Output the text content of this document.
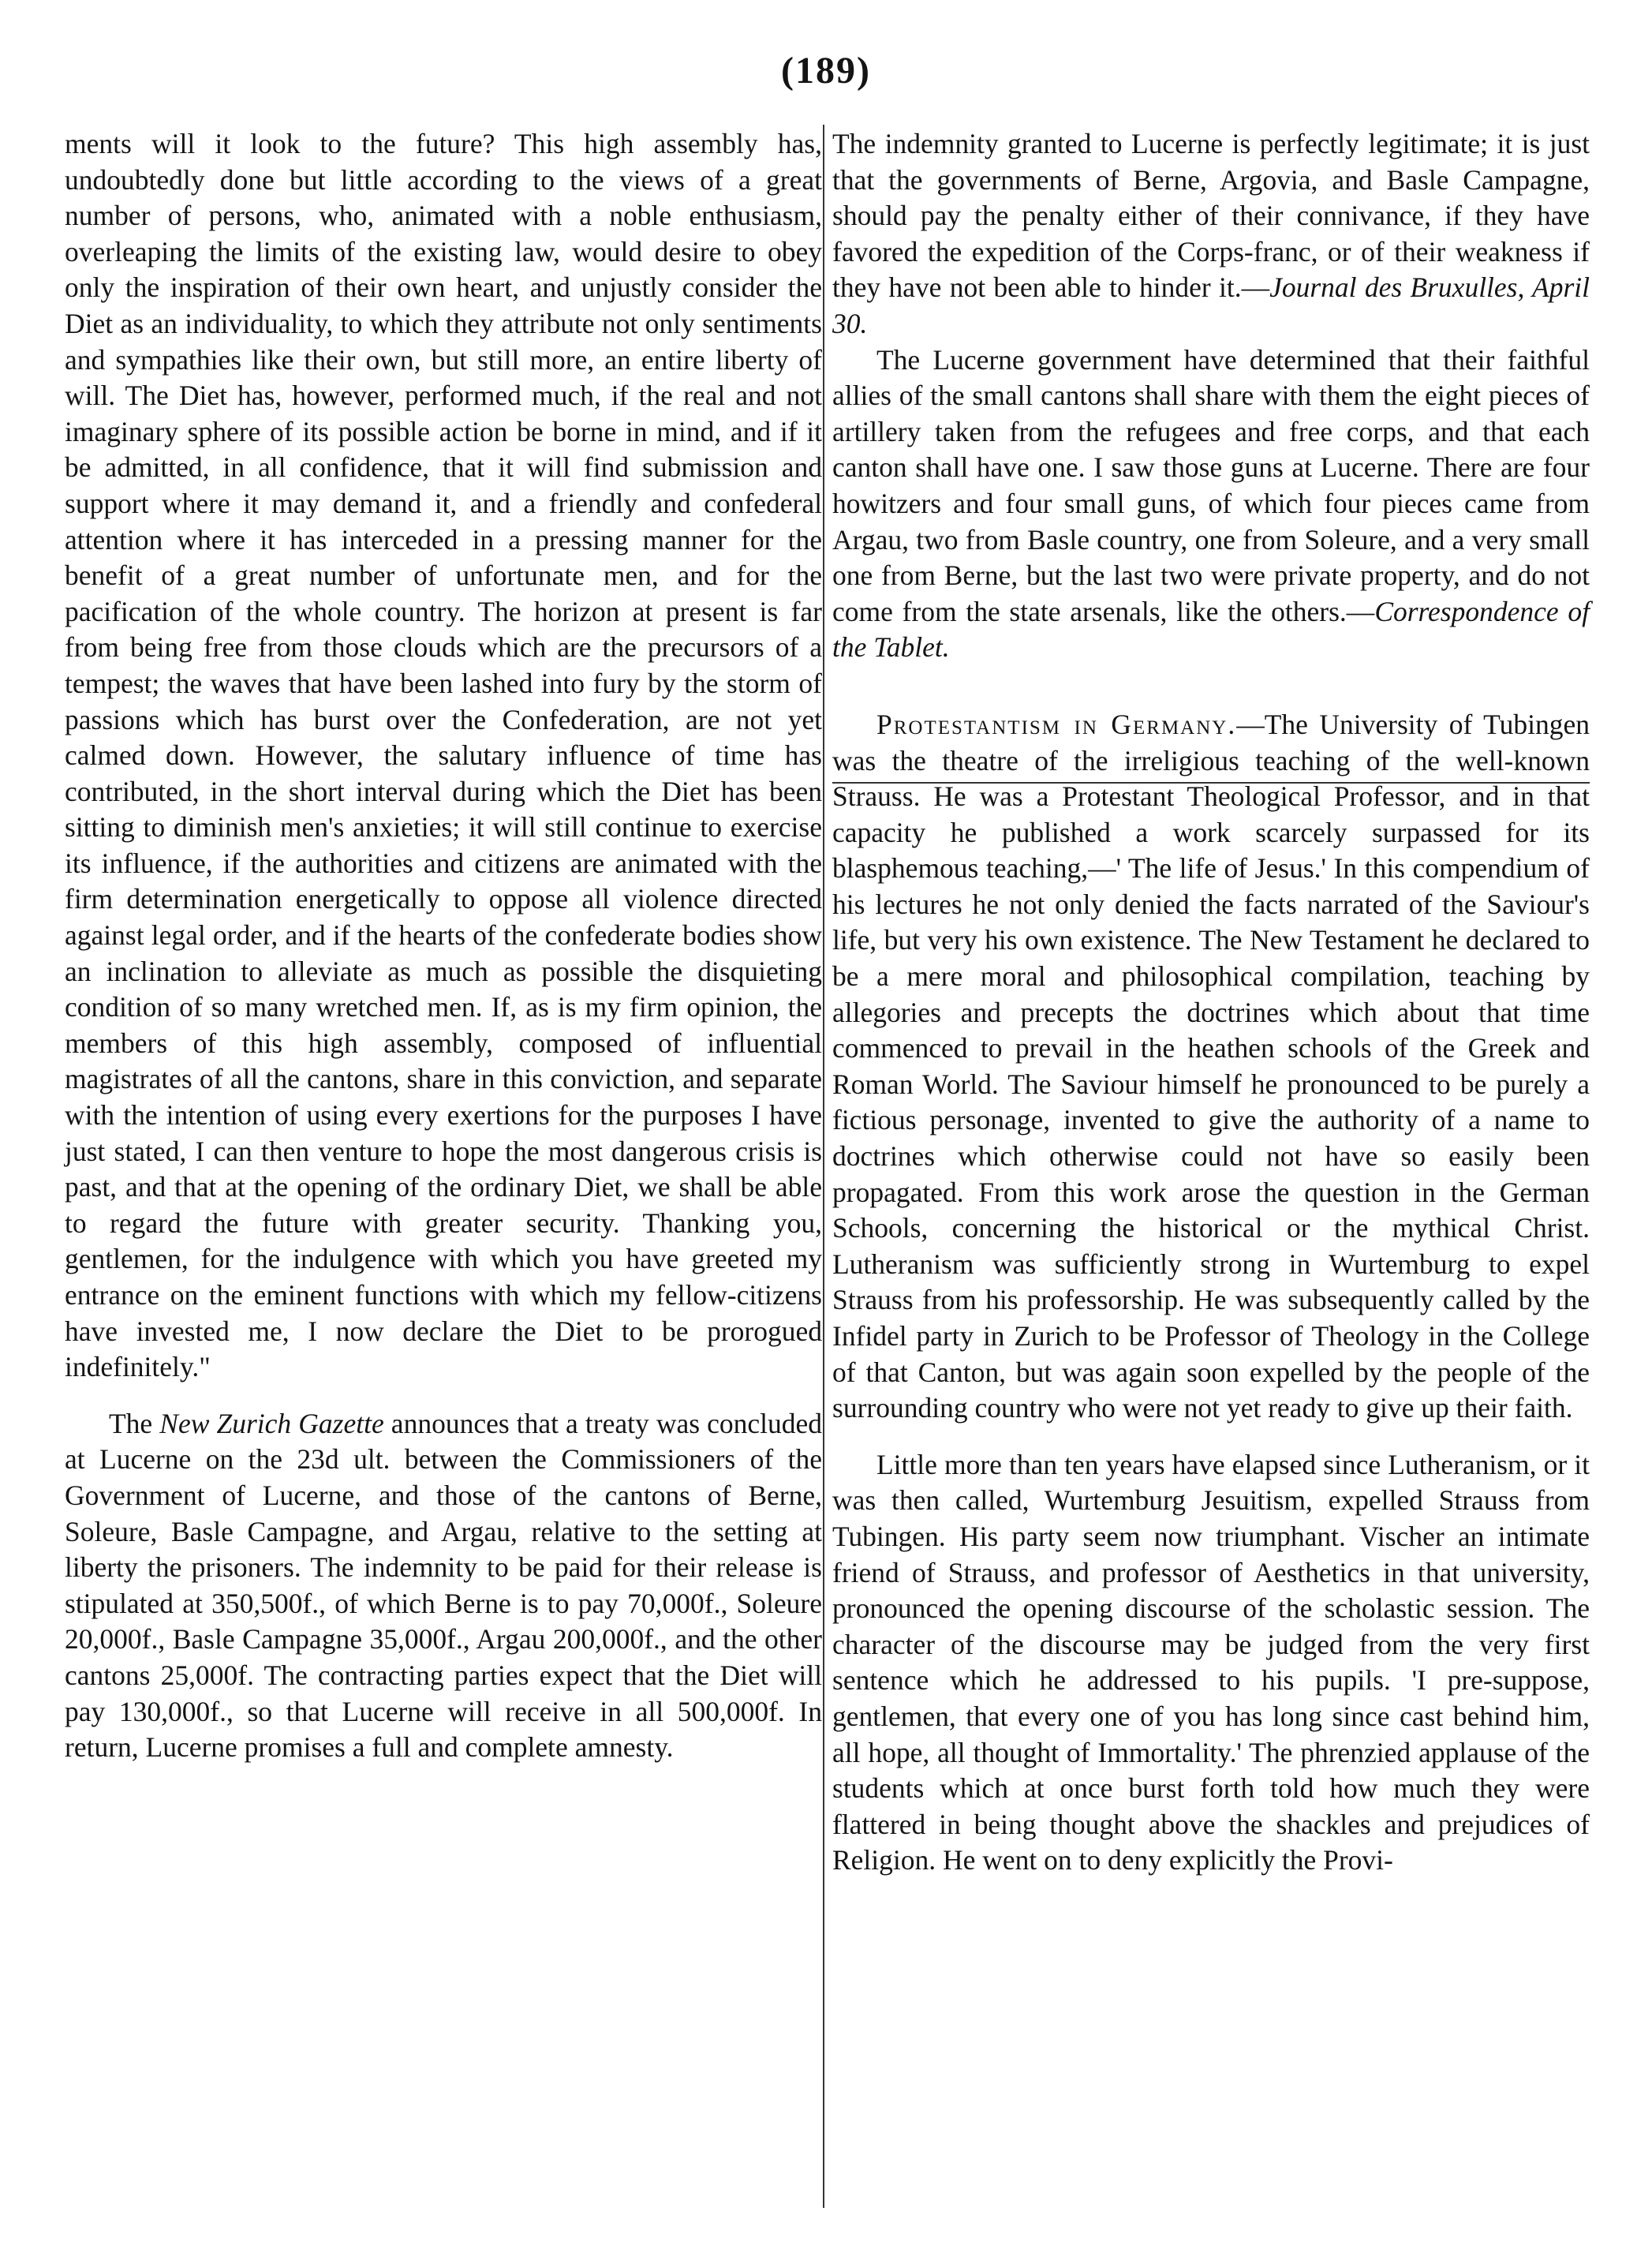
(189)

ments will it look to the future? This high assembly has, undoubtedly done but little according to the views of a great number of persons, who, animated with a noble enthusiasm, overleaping the limits of the existing law, would desire to obey only the inspiration of their own heart, and unjustly consider the Diet as an individuality, to which they attribute not only sentiments and sympathies like their own, but still more, an entire liberty of will. The Diet has, however, performed much, if the real and not imaginary sphere of its possible action be borne in mind, and if it be admitted, in all confidence, that it will find submission and support where it may demand it, and a friendly and confederal attention where it has interceded in a pressing manner for the benefit of a great number of unfortunate men, and for the pacification of the whole country. The horizon at present is far from being free from those clouds which are the precursors of a tempest; the waves that have been lashed into fury by the storm of passions which has burst over the Confederation, are not yet calmed down. However, the salutary influence of time has contributed, in the short interval during which the Diet has been sitting to diminish men's anxieties; it will still continue to exercise its influence, if the authorities and citizens are animated with the firm determination energetically to oppose all violence directed against legal order, and if the hearts of the confederate bodies show an inclination to alleviate as much as possible the disquieting condition of so many wretched men. If, as is my firm opinion, the members of this high assembly, composed of influential magistrates of all the cantons, share in this conviction, and separate with the intention of using every exertions for the purposes I have just stated, I can then venture to hope the most dangerous crisis is past, and that at the opening of the ordinary Diet, we shall be able to regard the future with greater security. Thanking you, gentlemen, for the indulgence with which you have greeted my entrance on the eminent functions with which my fellow-citizens have invested me, I now declare the Diet to be prorogued indefinitely."

The New Zurich Gazette announces that a treaty was concluded at Lucerne on the 23d ult. between the Commissioners of the Government of Lucerne, and those of the cantons of Berne, Soleure, Basle Campagne, and Argau, relative to the setting at liberty the prisoners. The indemnity to be paid for their release is stipulated at 350,500f., of which Berne is to pay 70,000f., Soleure 20,000f., Basle Campagne 35,000f., Argau 200,000f., and the other cantons 25,000f. The contracting parties expect that the Diet will pay 130,000f., so that Lucerne will receive in all 500,000f. In return, Lucerne promises a full and complete amnesty.

The indemnity granted to Lucerne is perfectly legitimate; it is just that the governments of Berne, Argovia, and Basle Campagne, should pay the penalty either of their connivance, if they have favored the expedition of the Corps-franc, or of their weakness if they have not been able to hinder it.—Journal des Bruxulles, April 30.

The Lucerne government have determined that their faithful allies of the small cantons shall share with them the eight pieces of artillery taken from the refugees and free corps, and that each canton shall have one. I saw those guns at Lucerne. There are four howitzers and four small guns, of which four pieces came from Argau, two from Basle country, one from Soleure, and a very small one from Berne, but the last two were private property, and do not come from the state arsenals, like the others.—Correspondence of the Tablet.

Protestantism in Germany.—The University of Tubingen was the theatre of the irreligious teaching of the well-known Strauss. He was a Protestant Theological Professor, and in that capacity he published a work scarcely surpassed for its blasphemous teaching,—' The life of Jesus.' In this compendium of his lectures he not only denied the facts narrated of the Saviour's life, but very his own existence. The New Testament he declared to be a mere moral and philosophical compilation, teaching by allegories and precepts the doctrines which about that time commenced to prevail in the heathen schools of the Greek and Roman World. The Saviour himself he pronounced to be purely a fictious personage, invented to give the authority of a name to doctrines which otherwise could not have so easily been propagated. From this work arose the question in the German Schools, concerning the historical or the mythical Christ. Lutheranism was sufficiently strong in Wurtemburg to expel Strauss from his professorship. He was subsequently called by the Infidel party in Zurich to be Professor of Theology in the College of that Canton, but was again soon expelled by the people of the surrounding country who were not yet ready to give up their faith.

Little more than ten years have elapsed since Lutheranism, or it was then called, Wurtemburg Jesuitism, expelled Strauss from Tubingen. His party seem now triumphant. Vischer an intimate friend of Strauss, and professor of Aesthetics in that university, pronounced the opening discourse of the scholastic session. The character of the discourse may be judged from the very first sentence which he addressed to his pupils. 'I pre-suppose, gentlemen, that every one of you has long since cast behind him, all hope, all thought of Immortality.' The phrenzied applause of the students which at once burst forth told how much they were flattered in being thought above the shackles and prejudices of Religion. He went on to deny explicitly the Provi-
